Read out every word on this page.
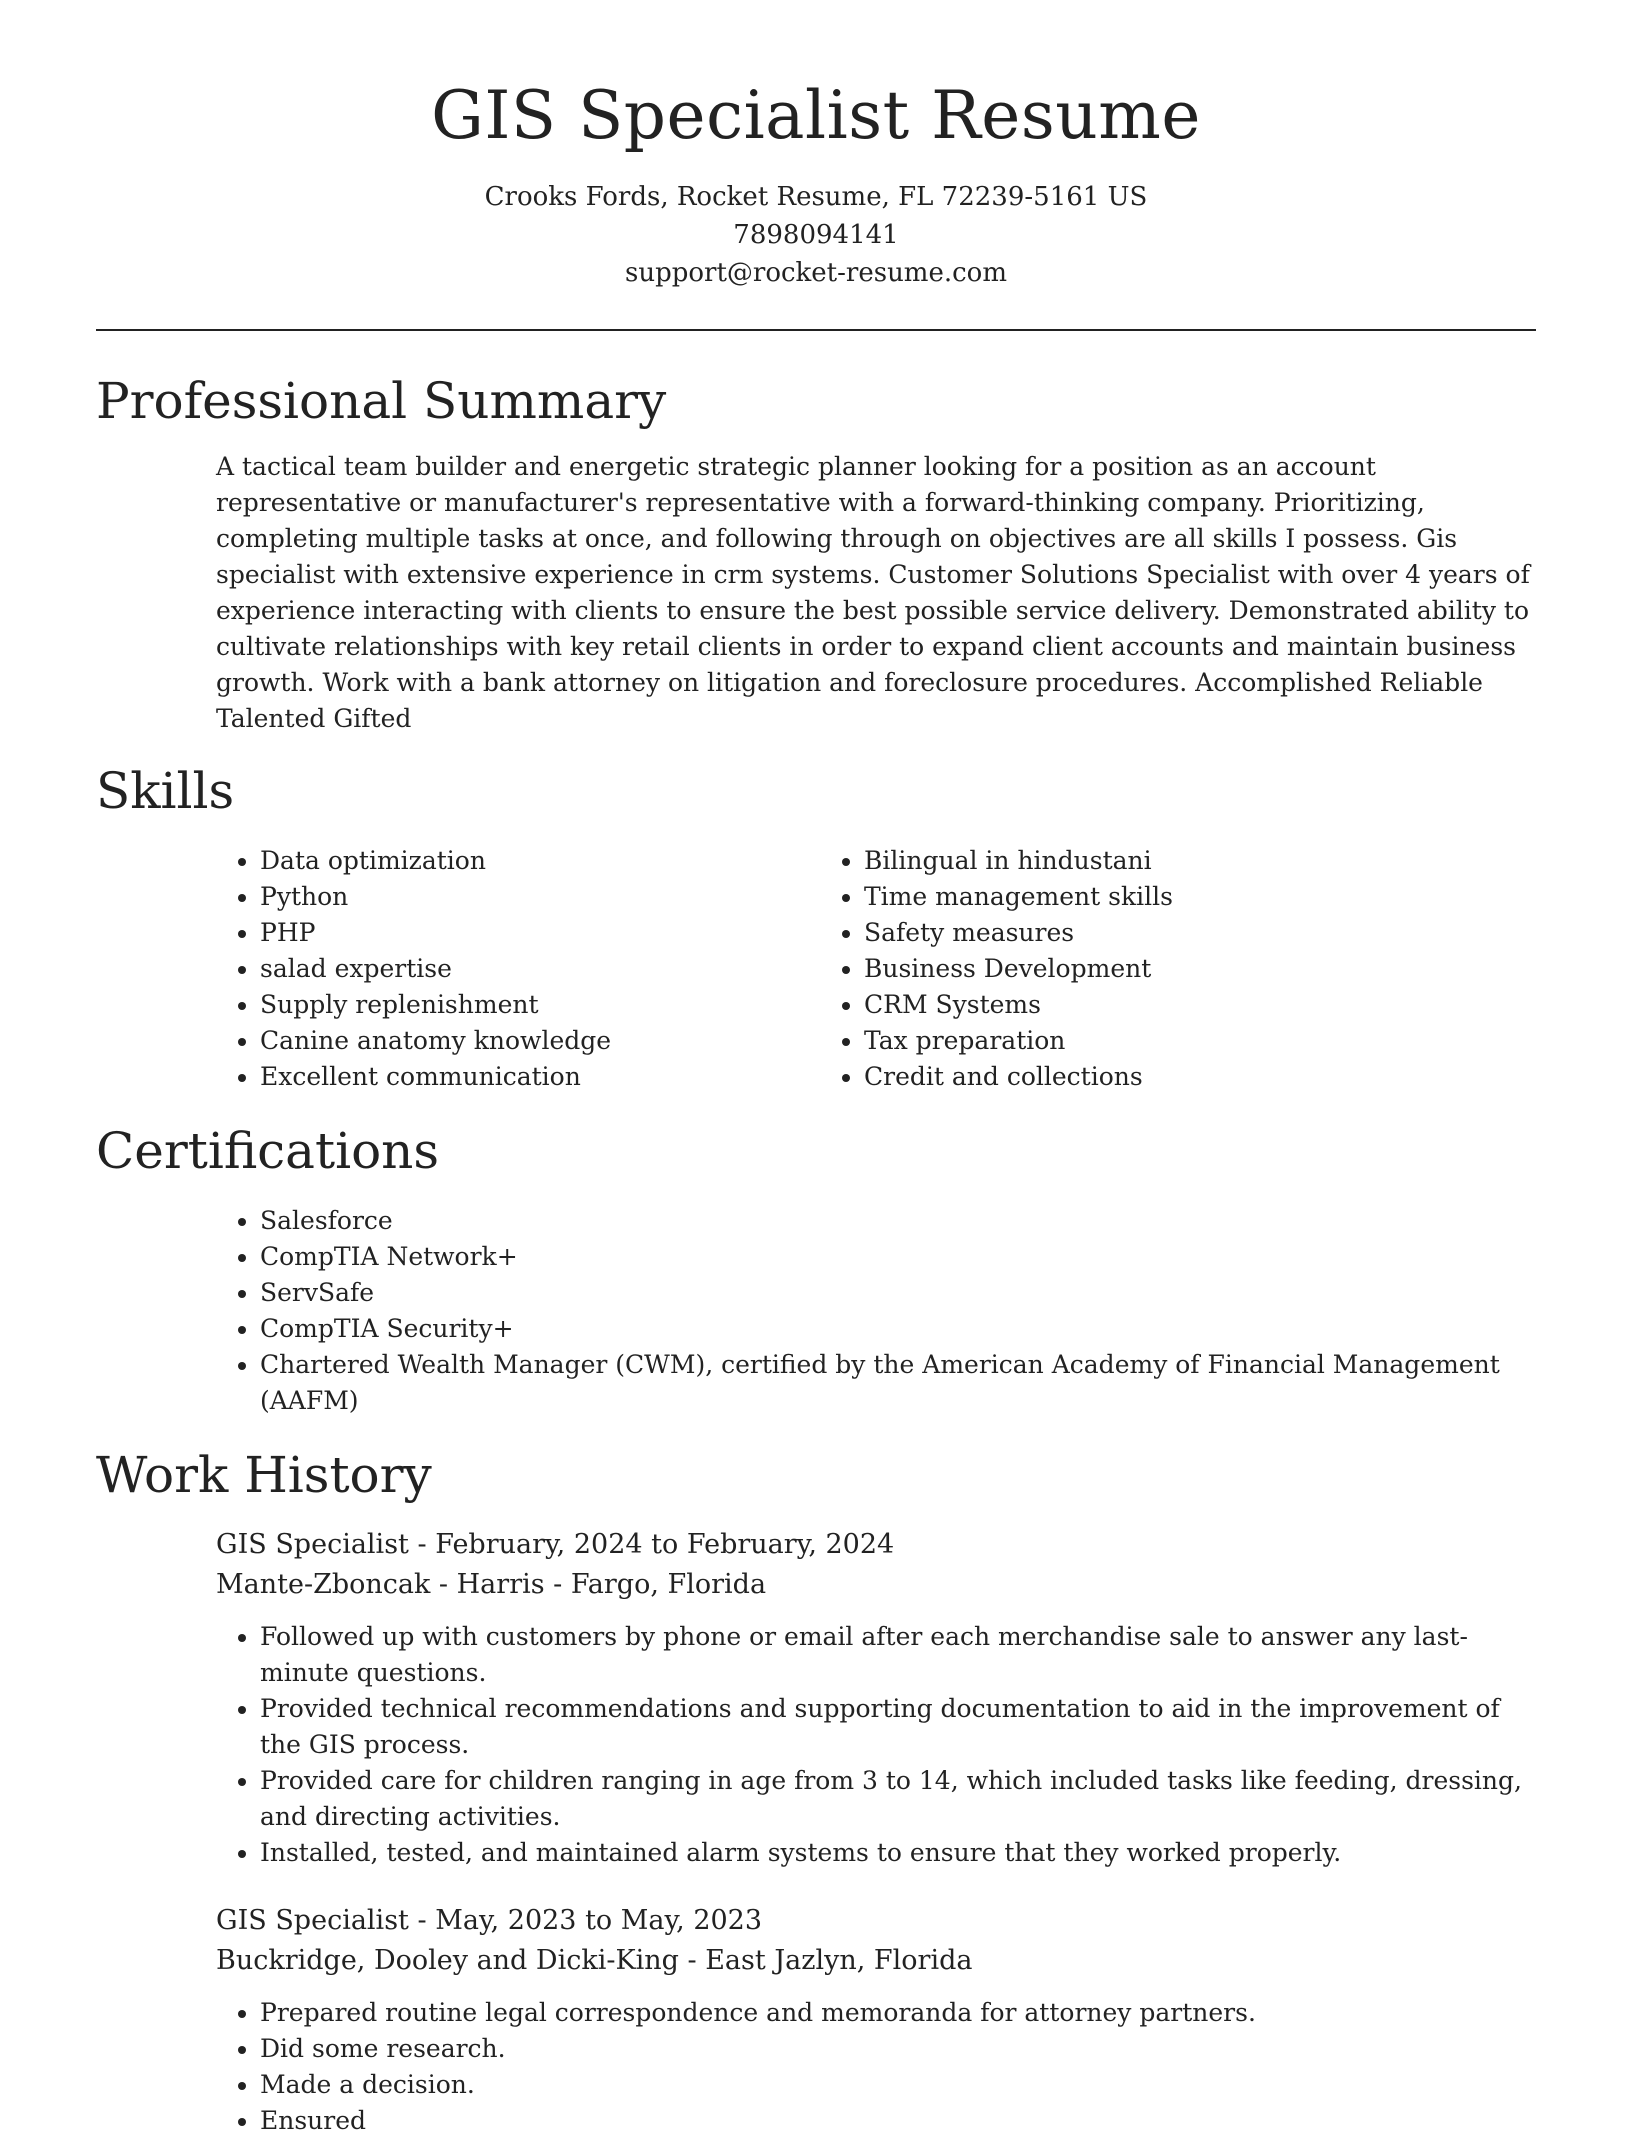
GIS Specialist Resume
Crooks Fords, Rocket Resume, FL 72239-5161 US
7898094141
support@rocket-resume.com
Professional Summary

A tactical team builder and energetic strategic planner looking for a position as an account representative or manufacturer's representative with a forward-thinking company. Prioritizing, completing multiple tasks at once, and following through on objectives are all skills I possess. Gis specialist with extensive experience in crm systems. Customer Solutions Specialist with over 4 years of experience interacting with clients to ensure the best possible service delivery. Demonstrated ability to cultivate relationships with key retail clients in order to expand client accounts and maintain business growth. Work with a bank attorney on litigation and foreclosure procedures. Accomplished Reliable Talented Gifted

Skills
• Data optimization
• Python
• PHP
• salad expertise
• Supply replenishment
• Canine anatomy knowledge
• Excellent communication
• Bilingual in hindustani
• Time management skills
• Safety measures
• Business Development
• CRM Systems
• Tax preparation
• Credit and collections
Certifications
• Salesforce
• CompTIA Network+
• ServSafe
• CompTIA Security+
• Chartered Wealth Manager (CWM), certified by the American Academy of Financial Management (AAFM)
Work History
GIS Specialist - February, 2024 to February, 2024
Mante-Zboncak - Harris - Fargo, Florida
• Followed up with customers by phone or email after each merchandise sale to answer any last-minute questions.
• Provided technical recommendations and supporting documentation to aid in the improvement of the GIS process.
• Provided care for children ranging in age from 3 to 14, which included tasks like feeding, dressing, and directing activities.
• Installed, tested, and maintained alarm systems to ensure that they worked properly.
GIS Specialist - May, 2023 to May, 2023
Buckridge, Dooley and Dicki-King - East Jazlyn, Florida
• Prepared routine legal correspondence and memoranda for attorney partners.
• Did some research.
• Made a decision.
• Ensured
